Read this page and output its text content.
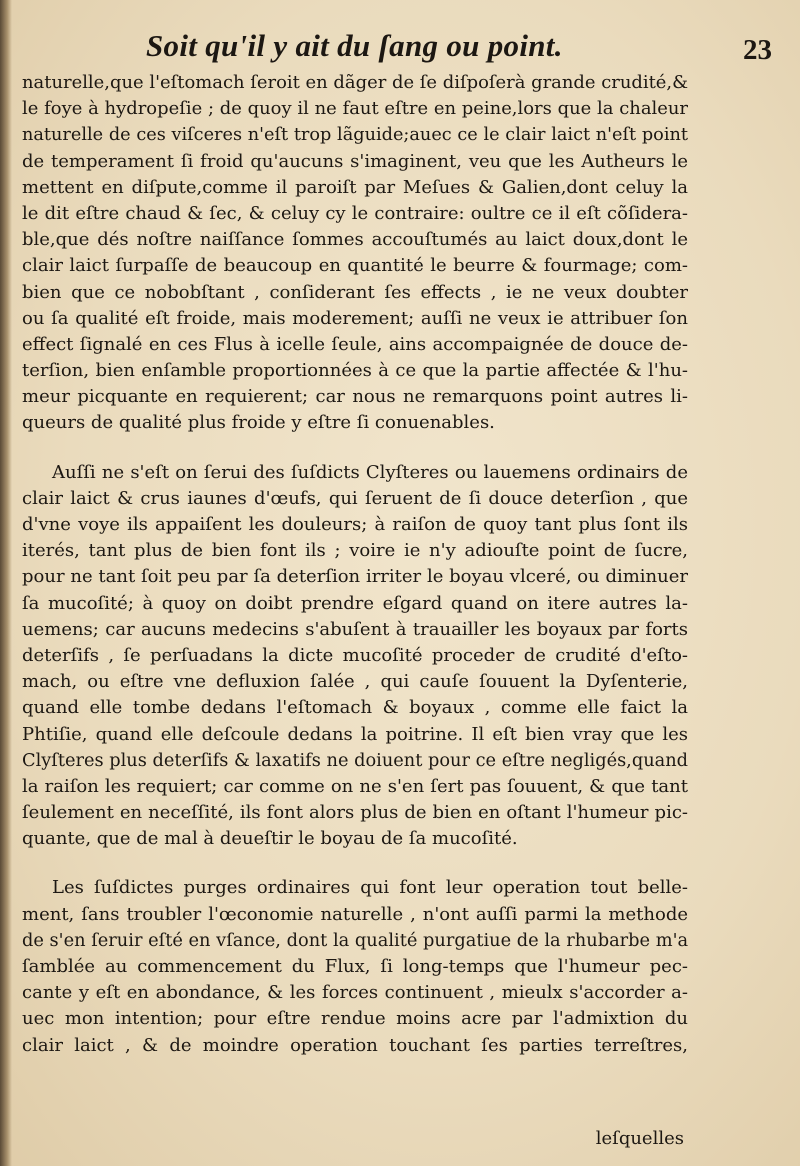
Soit qu'il y ait du ſang ou point.	23

naturelle,que l'eſtomach ſeroit en dãger de ſe diſpoſerà grande crudité,&
le foye à hydropeſie ; de quoy il ne faut eſtre en peine,lors que la chaleur
naturelle de ces viſceres n'eſt trop lãguide;auec ce le clair laict n'eſt point
de temperament ſi froid qu'aucuns s'imaginent, veu que les Autheurs le
mettent en diſpute,comme il paroiſt par Meſues & Galien,dont celuy la
le dit eſtre chaud & ſec, & celuy cy le contraire: oultre ce il eſt cõſidera-
ble,que dés noſtre naiſſance ſommes accouſtumés au laict doux,dont le
clair laict ſurpaſſe de beaucoup en quantité le beurre & fourmage; com-
bien que ce nobobſtant , conſiderant ſes effects , ie ne veux doubter
ou ſa qualité eſt froide, mais moderement; auſſi ne veux ie attribuer ſon
effect ſignalé en ces Flus à icelle ſeule, ains accompaignée de douce de-
terſion, bien enſamble proportionnées à ce que la partie affectée & l'hu-
meur picquante en requierent; car nous ne remarquons point autres li-
queurs de qualité plus froide y eſtre ſi conuenables.

Auſſi ne s'eſt on ſerui des ſuſdicts Clyſteres ou lauemens ordinairs de
clair laict & crus iaunes d'œufs, qui ſeruent de ſi douce deterſion , que
d'vne voye ils appaiſent les douleurs; à raiſon de quoy tant plus ſont ils
iterés, tant plus de bien font ils ; voire ie n'y adiouſte point de ſucre,
pour ne tant ſoit peu par ſa deterſion irriter le boyau vlceré, ou diminuer
ſa mucoſité; à quoy on doibt prendre eſgard quand on itere autres la-
uemens; car aucuns medecins s'abuſent à trauailler les boyaux par forts
deterſifs , ſe perſuadans la dicte mucoſité proceder de crudité d'eſto-
mach, ou eſtre vne defluxion ſalée , qui cauſe ſouuent la Dyſenterie,
quand elle tombe dedans l'eſtomach & boyaux , comme elle faict la
Phtiſie, quand elle deſcoule dedans la poitrine. Il eſt bien vray que les
Clyſteres plus deterſifs & laxatifs ne doiuent pour ce eſtre negligés,quand
la raiſon les requiert; car comme on ne s'en ſert pas ſouuent, & que tant
ſeulement en neceſſité, ils font alors plus de bien en oſtant l'humeur pic-
quante, que de mal à deueſtir le boyau de ſa mucoſité.

Les ſuſdictes purges ordinaires qui font leur operation tout belle-
ment, ſans troubler l'œconomie naturelle , n'ont auſſi parmi la methode
de s'en ſeruir eſté en vſance, dont la qualité purgatiue de la rhubarbe m'a
ſamblée au commencement du Flux, ſi long-temps que l'humeur pec-
cante y eſt en abondance, & les forces continuent , mieulx s'accorder a-
uec mon intention; pour eſtre rendue moins acre par l'admixtion du
clair laict , & de moindre operation touchant ſes parties terreſtres,

leſquelles
